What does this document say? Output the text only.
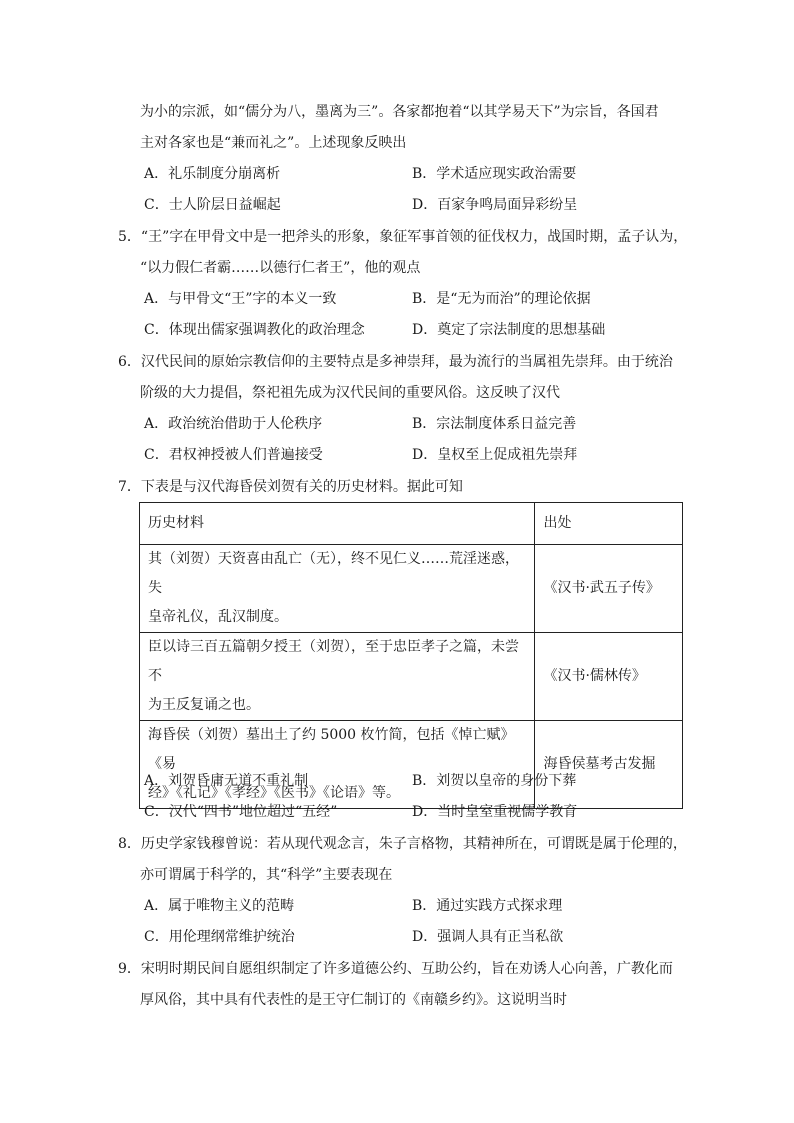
为小的宗派，如“儒分为八，墨离为三”。各家都抱着“以其学易天下”为宗旨，各国君
主对各家也是“兼而礼之”。上述现象反映出
A．礼乐制度分崩离析	B．学术适应现实政治需要
C．士人阶层日益崛起	D．百家争鸣局面异彩纷呈
5．“王”字在甲骨文中是一把斧头的形象，象征军事首领的征伐权力，战国时期，孟子认为，
“以力假仁者霸……以德行仁者王”，他的观点
A．与甲骨文“王”字的本义一致	B．是“无为而治”的理论依据
C．体现出儒家强调教化的政治理念	D．奠定了宗法制度的思想基础
6．汉代民间的原始宗教信仰的主要特点是多神崇拜，最为流行的当属祖先崇拜。由于统治
阶级的大力提倡，祭祀祖先成为汉代民间的重要风俗。这反映了汉代
A．政治统治借助于人伦秩序	B．宗法制度体系日益完善
C．君权神授被人们普遍接受	D．皇权至上促成祖先崇拜
7．下表是与汉代海昏侯刘贺有关的历史材料。据此可知
历史材料	出处

其（刘贺）天资喜由乱亡（无），终不见仁义……荒淫迷惑，失
皇帝礼仪，乱汉制度。	《汉书·武五子传》

臣以诗三百五篇朝夕授王（刘贺），至于忠臣孝子之篇，未尝不
为王反复诵之也。	《汉书·儒林传》

海昏侯（刘贺）墓出土了约 5000 枚竹简，包括《悼亡赋》《易
经》《礼记》《孝经》《医书》《论语》等。	海昏侯墓考古发掘
A．刘贺昏庸无道不重礼制	B．刘贺以皇帝的身份下葬
C．汉代“四书”地位超过“五经”	D．当时皇室重视儒学教育
8．历史学家钱穆曾说：若从现代观念言，朱子言格物，其精神所在，可谓既是属于伦理的，
亦可谓属于科学的，其“科学”主要表现在
A．属于唯物主义的范畴	B．通过实践方式探求理
C．用伦理纲常维护统治	D．强调人具有正当私欲
9．宋明时期民间自愿组织制定了许多道德公约、互助公约，旨在劝诱人心向善，广教化而
厚风俗，其中具有代表性的是王守仁制订的《南赣乡约》。这说明当时
